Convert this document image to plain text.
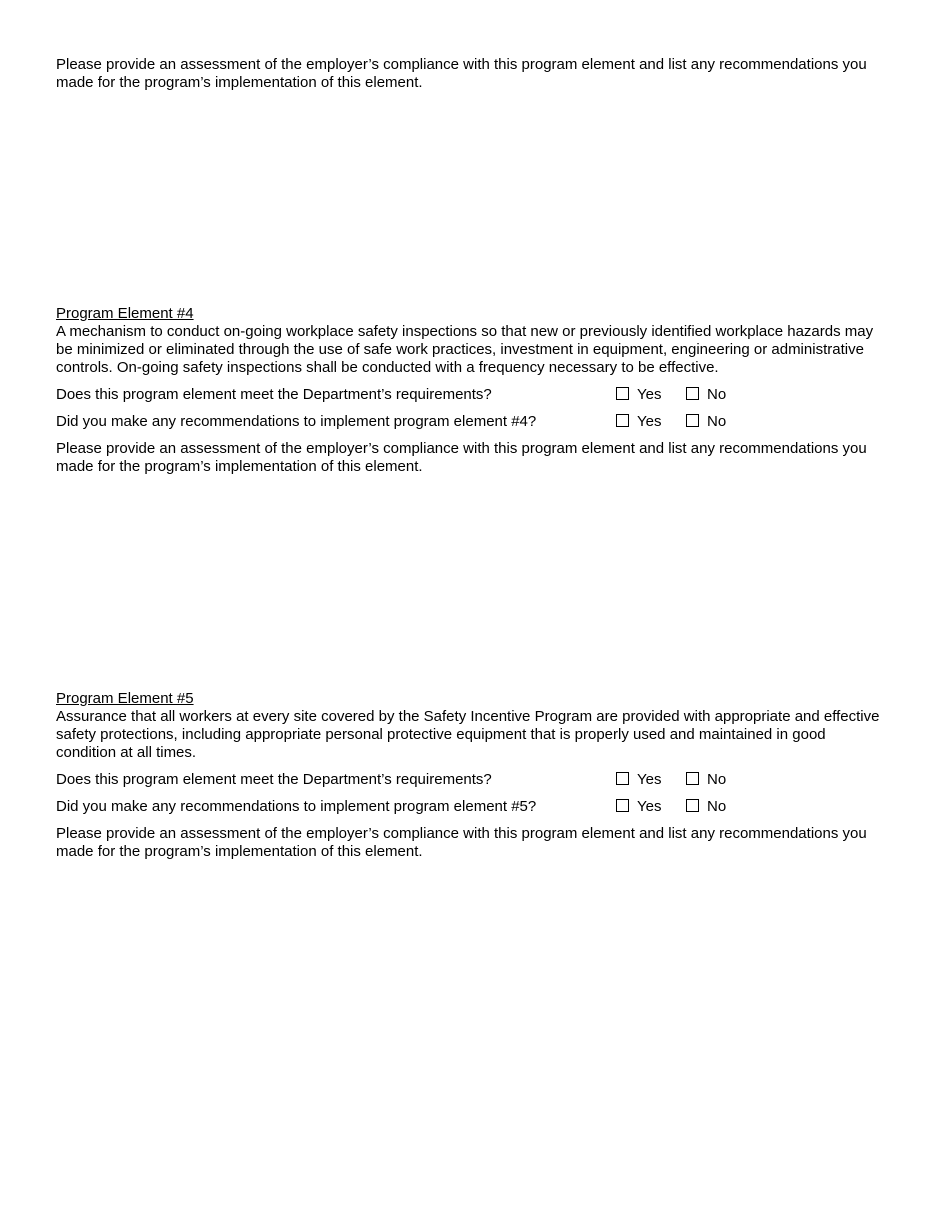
Please provide an assessment of the employer’s compliance with this program element and list any recommendations you made for the program’s implementation of this element.

Program Element #4

A mechanism to conduct on-going workplace safety inspections so that new or previously identified workplace hazards may be minimized or eliminated through the use of safe work practices, investment in equipment, engineering or administrative controls. On-going safety inspections shall be conducted with a frequency necessary to be effective.

Does this program element meet the Department’s requirements?	Yes	No
Did you make any recommendations to implement program element #4?	Yes	No

Please provide an assessment of the employer’s compliance with this program element and list any recommendations you made for the program’s implementation of this element.

Program Element #5

Assurance that all workers at every site covered by the Safety Incentive Program are provided with appropriate and effective safety protections, including appropriate personal protective equipment that is properly used and maintained in good condition at all times.

Does this program element meet the Department’s requirements?	Yes	No
Did you make any recommendations to implement program element #5?	Yes	No

Please provide an assessment of the employer’s compliance with this program element and list any recommendations you made for the program’s implementation of this element.
